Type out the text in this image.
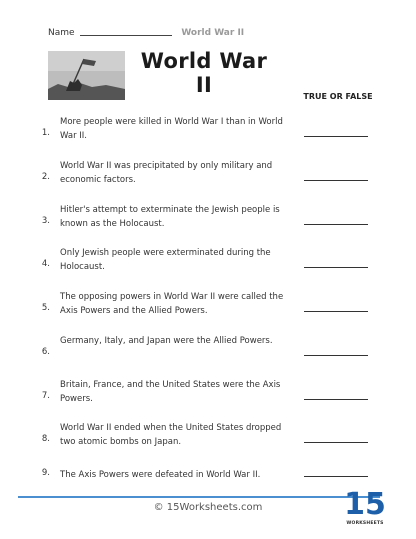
Name	World War II
World War II	TRUE OR FALSE
1.
More people were killed in World War I than in World War II.
2.
World War II was precipitated by only military and economic factors.
3.
Hitler's attempt to exterminate the Jewish people is known as the Holocaust.
4.
Only Jewish people were exterminated during the Holocaust.
5.
The opposing powers in World War II were called the Axis Powers and the Allied Powers.
6.
Germany, Italy, and Japan were the Allied Powers.
7.
Britain, France, and the United States were the Axis Powers.
8.
World War II ended when the United States dropped two atomic bombs on Japan.
9. The Axis Powers were defeated in World War II.
© 15Worksheets.com	15
WORKSHEETS
